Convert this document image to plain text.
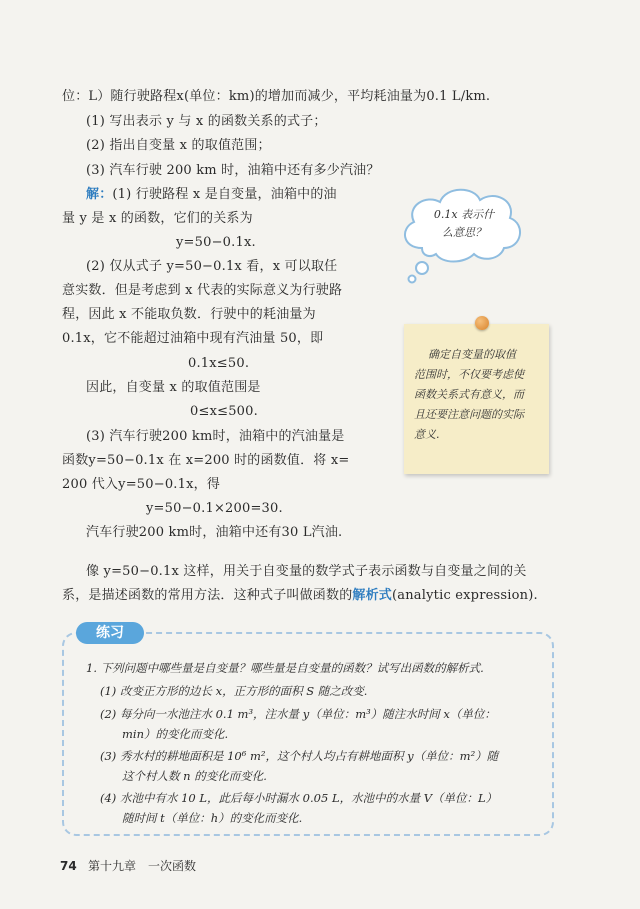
位：L）随行驶路程x(单位：km)的增加而减少，平均耗油量为0.1 L/km.
(1) 写出表示 y 与 x 的函数关系的式子；
(2) 指出自变量 x 的取值范围；
(3) 汽车行驶 200 km 时，油箱中还有多少汽油？
解：(1) 行驶路程 x 是自变量，油箱中的油
量 y 是 x 的函数，它们的关系为
y=50−0.1x.
(2) 仅从式子 y=50−0.1x 看，x 可以取任
意实数．但是考虑到 x 代表的实际意义为行驶路
程，因此 x 不能取负数．行驶中的耗油量为
0.1x，它不能超过油箱中现有汽油量 50，即
0.1x≤50.
因此，自变量 x 的取值范围是
0≤x≤500.
(3) 汽车行驶200 km时，油箱中的汽油量是
函数y=50−0.1x 在 x=200 时的函数值．将 x=
200 代入y=50−0.1x，得
y=50−0.1×200=30.
汽车行驶200 km时，油箱中还有30 L汽油.
像 y=50−0.1x 这样，用关于自变量的数学式子表示函数与自变量之间的关
系，是描述函数的常用方法．这种式子叫做函数的解析式(analytic expression).
0.1x 表示什
么意思？
确定自变量的取值
范围时，不仅要考虑使
函数关系式有意义，而
且还要注意问题的实际
意义.
练习
1. 下列问题中哪些量是自变量？哪些量是自变量的函数？试写出函数的解析式.
(1) 改变正方形的边长 x，正方形的面积 S 随之改变.
(2) 每分向一水池注水 0.1 m³，注水量 y（单位：m³）随注水时间 x（单位：
min）的变化而变化.
(3) 秀水村的耕地面积是 10⁶ m²，这个村人均占有耕地面积 y（单位：m²）随
这个村人数 n 的变化而变化.
(4) 水池中有水 10 L，此后每小时漏水 0.05 L，水池中的水量 V（单位：L）
随时间 t（单位：h）的变化而变化.
74 第十九章　一次函数
